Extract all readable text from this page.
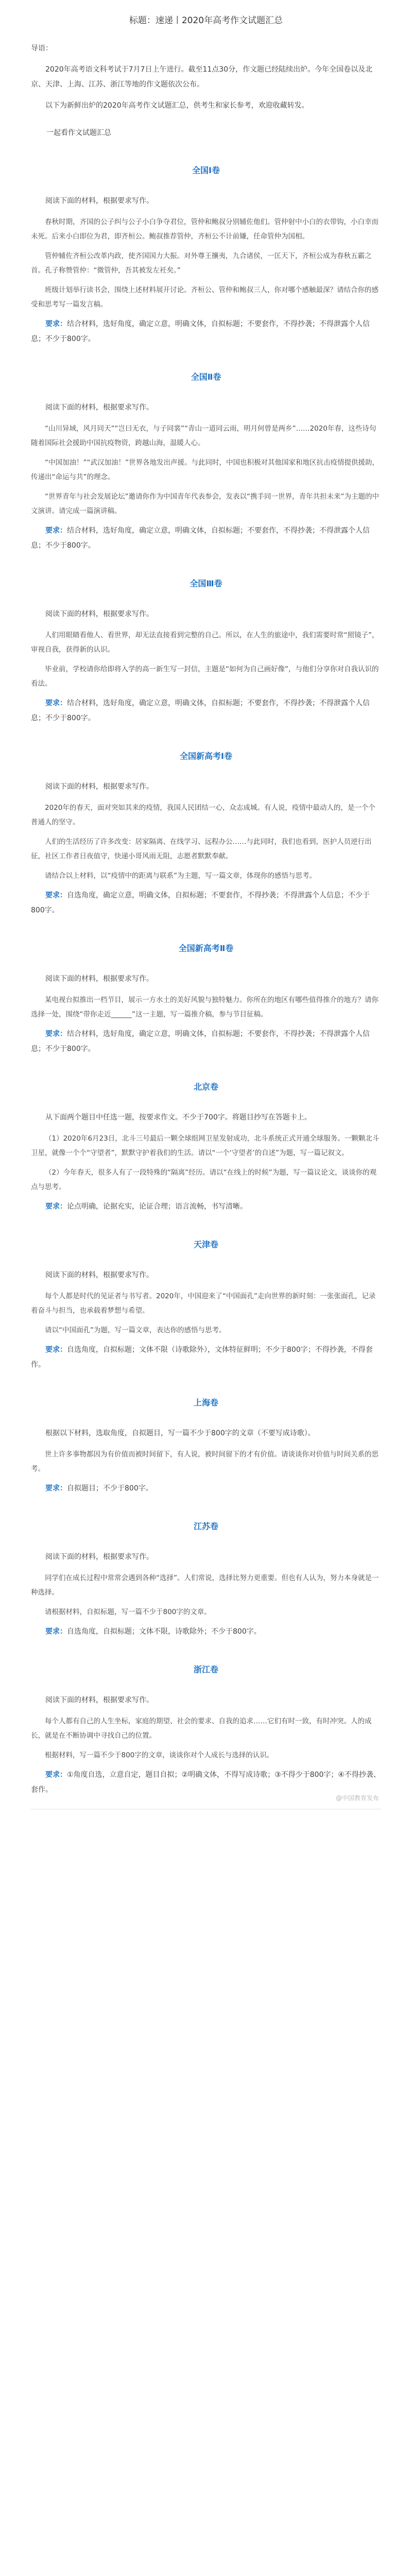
标题：速递丨2020年高考作文试题汇总

导语：

2020年高考语文科考试于7月7日上午进行。截至11点30分，作文题已经陆续出炉。今年全国卷以及北京、天津、上海、江苏、浙江等地的作文题依次公布。

以下为新鲜出炉的2020年高考作文试题汇总，供考生和家长参考，欢迎收藏转发。

一起看作文试题汇总
全国Ⅰ卷

阅读下面的材料，根据要求写作。

春秋时期，齐国的公子纠与公子小白争夺君位，管仲和鲍叔分别辅佐他们。管仲射中小白的衣带钩，小白幸而未死。后来小白即位为君，即齐桓公。鲍叔推荐管仲，齐桓公不计前嫌，任命管仲为国相。

管仲辅佐齐桓公改革内政，使齐国国力大振。对外尊王攘夷，九合诸侯，一匡天下，齐桓公成为春秋五霸之首。孔子称赞管仲：“微管仲，吾其被发左衽矣。”

班级计划举行读书会，围绕上述材料展开讨论。齐桓公、管仲和鲍叔三人，你对哪个感触最深？请结合你的感受和思考写一篇发言稿。

要求：结合材料，选好角度，确定立意，明确文体，自拟标题；不要套作，不得抄袭；不得泄露个人信息；不少于800字。

全国Ⅱ卷

阅读下面的材料，根据要求写作。

“山川异域，风月同天”“岂曰无衣，与子同裳”“青山一道同云雨，明月何曾是两乡”……2020年春，这些诗句随着国际社会援助中国抗疫物资，跨越山海，温暖人心。

“中国加油！”“武汉加油！”世界各地发出声援。与此同时，中国也积极对其他国家和地区抗击疫情提供援助，传递出“命运与共”的理念。

“世界青年与社会发展论坛”邀请你作为中国青年代表参会，发表以“携手同一世界，青年共担未来”为主题的中文演讲。请完成一篇演讲稿。

要求：结合材料，选好角度，确定立意，明确文体，自拟标题；不要套作，不得抄袭；不得泄露个人信息；不少于800字。

全国Ⅲ卷

阅读下面的材料，根据要求写作。

人们用眼睛看他人、看世界，却无法直接看到完整的自己。所以，在人生的旅途中，我们需要时常“照镜子”，审视自我，获得新的认识。

毕业前，学校请你给即将入学的高一新生写一封信，主题是“如何为自己画好像”，与他们分享你对自我认识的看法。

要求：结合材料，选好角度，确定立意，明确文体，自拟标题；不要套作，不得抄袭；不得泄露个人信息；不少于800字。

全国新高考Ⅰ卷

阅读下面的材料，根据要求写作。

2020年的春天，面对突如其来的疫情，我国人民团结一心，众志成城。有人说，疫情中最动人的，是一个个普通人的坚守。

人们的生活经历了许多改变：居家隔离、在线学习、远程办公……与此同时，我们也看到，医护人员逆行出征，社区工作者日夜值守，快递小哥风雨无阻，志愿者默默奉献。

请结合以上材料，以“疫情中的距离与联系”为主题，写一篇文章，体现你的感悟与思考。

要求：自选角度，确定立意，明确文体，自拟标题；不要套作，不得抄袭；不得泄露个人信息；不少于800字。

全国新高考Ⅱ卷

阅读下面的材料，根据要求写作。

某电视台拟推出一档节目，展示一方水土的美好风貌与独特魅力。你所在的地区有哪些值得推介的地方？请你选择一处，围绕“带你走近______”这一主题，写一篇推介稿，参与节目征稿。

要求：结合材料，选好角度，确定立意，明确文体，自拟标题；不要套作，不得抄袭；不得泄露个人信息；不少于800字。

北京卷

从下面两个题目中任选一题，按要求作文。不少于700字。将题目抄写在答题卡上。

（1）2020年6月23日，北斗三号最后一颗全球组网卫星发射成功，北斗系统正式开通全球服务。一颗颗北斗卫星，就像一个个“守望者”，默默守护着我们的生活。请以“一个‘守望者’的自述”为题，写一篇记叙文。

（2）今年春天，很多人有了一段特殊的“隔离”经历。请以“在线上的时候”为题，写一篇议论文，谈谈你的观点与思考。

要求：论点明确，论据充实，论证合理；语言流畅，书写清晰。

天津卷

阅读下面的材料，根据要求写作。

每个人都是时代的见证者与书写者。2020年，中国迎来了“中国面孔”走向世界的新时刻：一张张面孔，记录着奋斗与担当，也承载着梦想与希望。

请以“中国面孔”为题，写一篇文章，表达你的感悟与思考。

要求：自选角度，自拟标题；文体不限（诗歌除外），文体特征鲜明；不少于800字；不得抄袭，不得套作。

上海卷

根据以下材料，选取角度，自拟题目，写一篇不少于800字的文章（不要写成诗歌）。

世上许多事物都因为有价值而被时间留下，有人说，被时间留下的才有价值。请谈谈你对价值与时间关系的思考。

要求：自拟题目；不少于800字。

江苏卷

阅读下面的材料，根据要求写作。

同学们在成长过程中常常会遇到各种“选择”。人们常说，选择比努力更重要。但也有人认为，努力本身就是一种选择。

请根据材料，自拟标题，写一篇不少于800字的文章。

要求：自选角度，自拟标题；文体不限，诗歌除外；不少于800字。

浙江卷

阅读下面的材料，根据要求写作。

每个人都有自己的人生坐标，家庭的期望、社会的要求、自我的追求……它们有时一致，有时冲突。人的成长，就是在不断协调中寻找自己的位置。

根据材料，写一篇不少于800字的文章，谈谈你对个人成长与选择的认识。

要求：①角度自选，立意自定，题目自拟；②明确文体，不得写成诗歌；③不得少于800字；④不得抄袭、套作。

@中国教育发布
